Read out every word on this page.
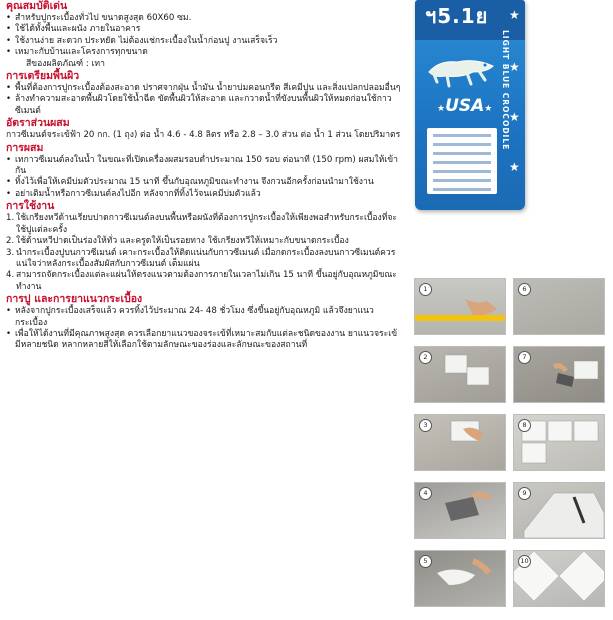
คุณสมบัติเด่น
• สำหรับปูกระเบื้องทั่วไป ขนาดสูงสุด 60X60 ซม.
• ใช้ได้ทั้งพื้นและผนัง ภายในอาคาร
• ใช้งานง่าย สะดวก ประหยัด ไม่ต้องแช่กระเบื้องในน้ำก่อนปู งานเสร็จเร็ว
• เหมาะกับบ้านและโครงการทุกขนาด
สีของผลิตภัณฑ์ : เทา
การเตรียมพื้นผิว
• พื้นที่ต้องการปูกระเบื้องต้องสะอาด ปราศจากฝุ่น น้ำมัน น้ำยาบ่มคอนกรีต สีเคมีปูน และสิ่งแปลกปลอมอื่นๆ
• ล้างทำความสะอาดพื้นผิวโดยใช้น้ำฉีด ขัดพื้นผิวให้สะอาด และกวาดน้ำที่ขังบนพื้นผิวให้หมดก่อนใช้กาวซีเมนต์
อัตราส่วนผสม
กาวซีเมนต์จระเข้ฟ้า 20 กก. (1 ถุง) ต่อ น้ำ 4.6 - 4.8 ลิตร หรือ 2.8 – 3.0 ส่วน ต่อ น้ำ 1 ส่วน โดยปริมาตร
การผสม
• เทกาวซีเมนต์ลงในน้ำ ในขณะที่เปิดเครื่องผสมรอบต่ำประมาณ 150 รอบ ต่อนาที (150 rpm) ผสมให้เข้ากัน
• ทิ้งไว้เพื่อให้เคมีบ่มตัวประมาณ 15 นาที ขึ้นกับอุณหภูมิขณะทำงาน จึงกวนอีกครั้งก่อนนำมาใช้งาน
• อย่าเติมน้ำหรือกาวซีเมนต์ลงไปอีก หลังจากที่ทิ้งไว้จนเคมีบ่มตัวแล้ว
การใช้งาน
1. ใช้เกรียงหวีด้านเรียบปาดกาวซีเมนต์ลงบนพื้นหรือผนังที่ต้องการปูกระเบื้องให้เพียงพอสำหรับกระเบื้องที่จะใช้ปูแต่ละครั้ง
2. ใช้ด้านหวีปาดเป็นร่องให้ทั่ว และครูดให้เป็นรอยทาง ใช้เกรียงหวีให้เหมาะกับขนาดกระเบื้อง
3. นำกระเบื้องปูบนกาวซีเมนต์ เคาะกระเบื้องให้ติดแน่นกับกาวซีเมนต์ เมื่อกดกระเบื้องลงบนกาวซีเมนต์ควรแน่ใจว่าหลังกระเบื้องสัมผัสกับกาวซีเมนต์ เต็มแผ่น
4. สามารถจัดกระเบื้องแต่ละแผ่นให้ตรงแนวตามต้องการภายในเวลาไม่เกิน 15 นาที ขึ้นอยู่กับอุณหภูมิขณะทำงาน
การปู และการยาแนวกระเบื้อง
• หลังจากปูกระเบื้องเสร็จแล้ว ควรทิ้งไว้ประมาณ 24- 48 ชั่วโมง ซึ่งขึ้นอยู่กับอุณหภูมิ แล้วจึงยาแนวกระเบื้อง
• เพื่อให้ได้งานที่มีคุณภาพสูงสุด ควรเลือกยาแนวของจระเข้ที่เหมาะสมกับแต่ละชนิดของงาน ยาแนวจระเข้มีหลายชนิด หลากหลายสีให้เลือกใช้ตามลักษณะของร่องและลักษณะของสถานที่
ฯ5.1ย ★
★
★
★
LIGHT BLUE CROCODILE
★USA★
1	6
2	7
3	8
4	9
5	10
